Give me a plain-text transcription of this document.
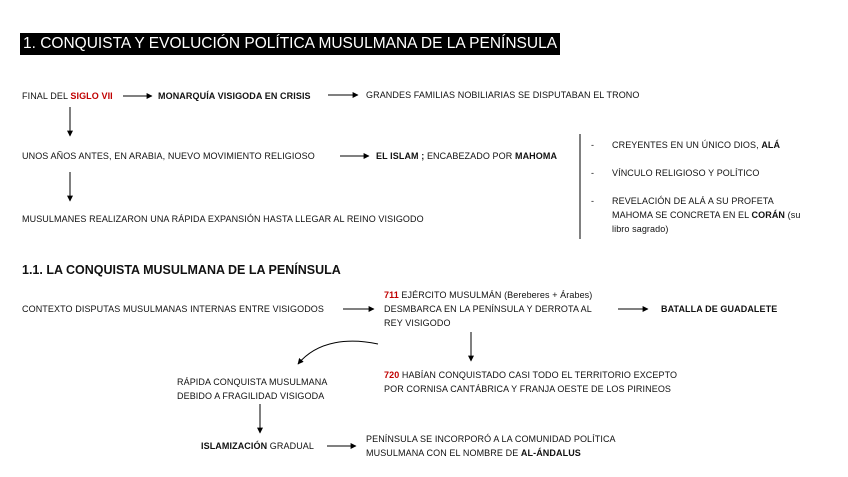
1. CONQUISTA Y EVOLUCIÓN POLÍTICA MUSULMANA DE LA PENÍNSULA
FINAL DEL SIGLO VII	MONARQUÍA VISIGODA EN CRISIS	GRANDES FAMILIAS NOBILIARIAS SE DISPUTABAN EL TRONO
UNOS AÑOS ANTES, EN ARABIA, NUEVO MOVIMIENTO RELIGIOSO	EL ISLAM ; ENCABEZADO POR MAHOMA
MUSULMANES REALIZARON UNA RÁPIDA EXPANSIÓN HASTA LLEGAR AL REINO VISIGODO
- CREYENTES EN UN ÚNICO DIOS, ALÁ
- VÍNCULO RELIGIOSO Y POLÍTICO
- REVELACIÓN DE ALÁ A SU PROFETA
MAHOMA SE CONCRETA EN EL CORÁN (su
libro sagrado)
1.1. LA CONQUISTA MUSULMANA DE LA PENÍNSULA
CONTEXTO DISPUTAS MUSULMANAS INTERNAS ENTRE VISIGODOS
711 EJÉRCITO MUSULMÁN (Bereberes + Árabes)
DESMBARCA EN LA PENÍNSULA Y DERROTA AL
REY VISIGODO
BATALLA DE GUADALETE
720 HABÍAN CONQUISTADO CASI TODO EL TERRITORIO EXCEPTO
POR CORNISA CANTÁBRICA Y FRANJA OESTE DE LOS PIRINEOS
RÁPIDA CONQUISTA MUSULMANA
DEBIDO A FRAGILIDAD VISIGODA
ISLAMIZACIÓN GRADUAL
PENÍNSULA SE INCORPORÓ A LA COMUNIDAD POLÍTICA
MUSULMANA CON EL NOMBRE DE AL-ÁNDALUS
